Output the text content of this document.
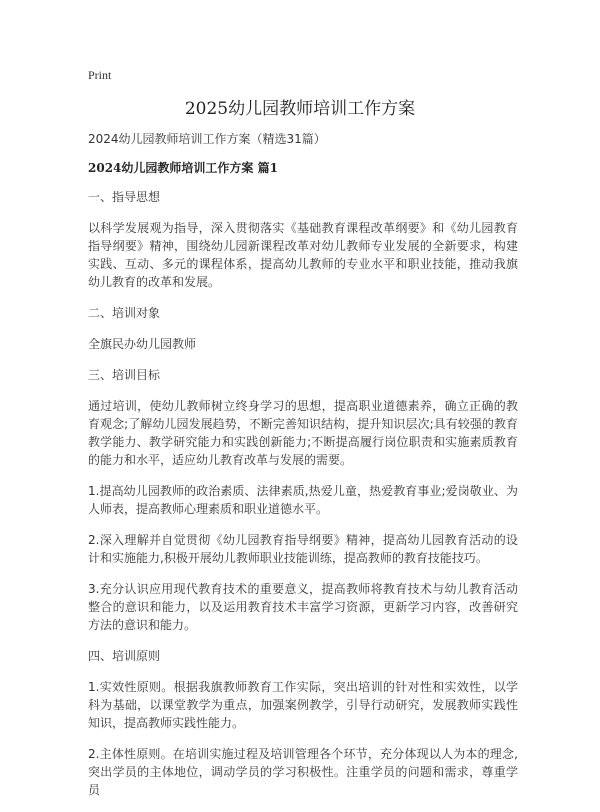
Print
2025幼儿园教师培训工作方案
2024幼儿园教师培训工作方案（精选31篇）
2024幼儿园教师培训工作方案 篇1
一、指导思想
以科学发展观为指导，深入贯彻落实《基础教育课程改革纲要》和《幼儿园教育指导纲要》精神，围绕幼儿园新课程改革对幼儿教师专业发展的全新要求，构建实践、互动、多元的课程体系，提高幼儿教师的专业水平和职业技能，推动我旗幼儿教育的改革和发展。
二、培训对象
全旗民办幼儿园教师
三、培训目标
通过培训，使幼儿教师树立终身学习的思想，提高职业道德素养，确立正确的教育观念;了解幼儿园发展趋势，不断完善知识结构，提升知识层次;具有较强的教育教学能力、教学研究能力和实践创新能力;不断提高履行岗位职责和实施素质教育的能力和水平，适应幼儿教育改革与发展的需要。
1.提高幼儿园教师的政治素质、法律素质,热爱儿童，热爱教育事业;爱岗敬业、为人师表，提高教师心理素质和职业道德水平。
2.深入理解并自觉贯彻《幼儿园教育指导纲要》精神，提高幼儿园教育活动的设计和实施能力,积极开展幼儿教师职业技能训练，提高教师的教育技能技巧。
3.充分认识应用现代教育技术的重要意义，提高教师将教育技术与幼儿教育活动整合的意识和能力，以及运用教育技术丰富学习资源，更新学习内容，改善研究方法的意识和能力。
四、培训原则
1.实效性原则。根据我旗教师教育工作实际，突出培训的针对性和实效性，以学科为基础，以课堂教学为重点，加强案例教学，引导行动研究，发展教师实践性知识，提高教师实践性能力。
2.主体性原则。在培训实施过程及培训管理各个环节，充分体现以人为本的理念,突出学员的主体地位，调动学员的学习积极性。注重学员的问题和需求，尊重学员
